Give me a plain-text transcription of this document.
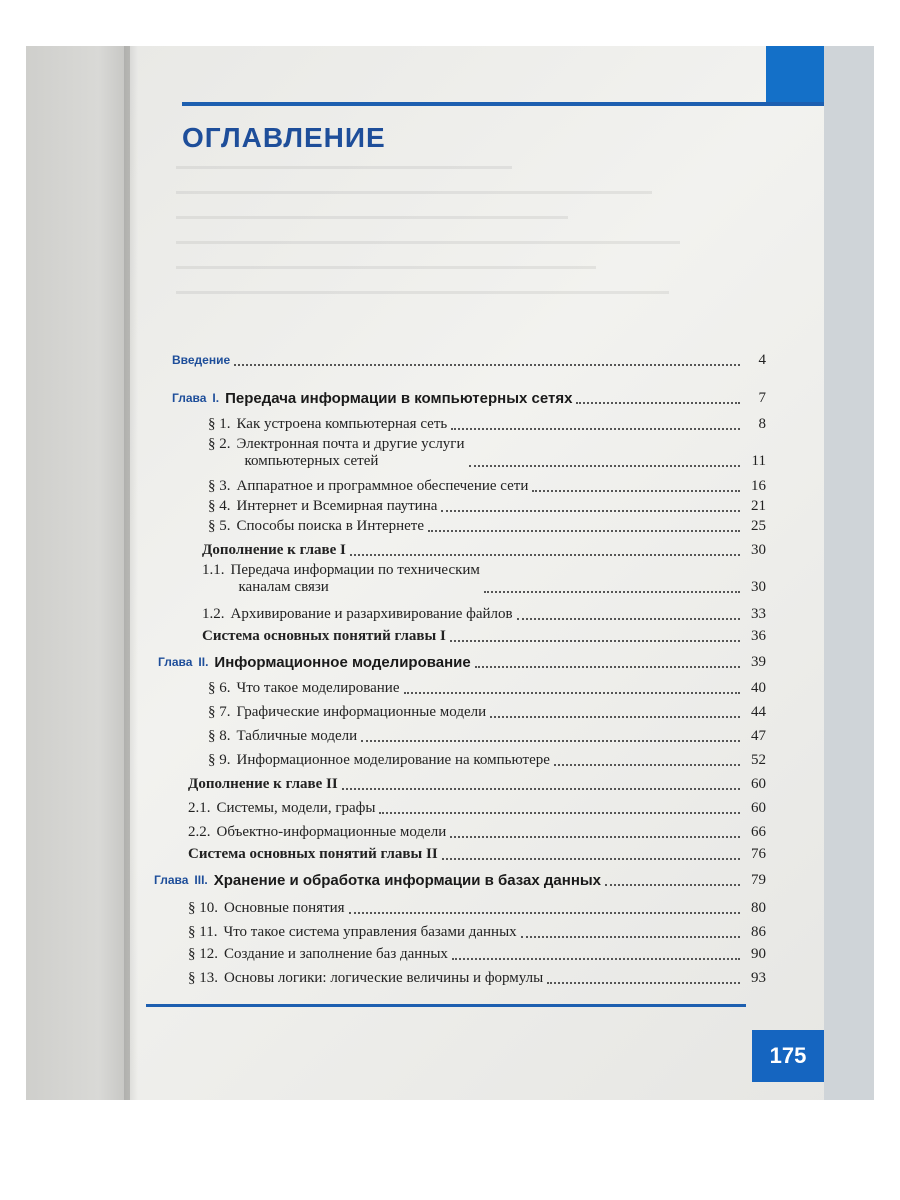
ОГЛАВЛЕНИЕ
Введение	4
Глава I. Передача информации в компьютерных сетях	7
§ 1. Как устроена компьютерная сеть	8
§ 2. Электронная почта и другие услуги
компьютерных сетей	11
§ 3. Аппаратное и программное обеспечение сети	16
§ 4. Интернет и Всемирная паутина	21
§ 5. Способы поиска в Интернете	25
Дополнение к главе I	30
1.1. Передача информации по техническим
каналам связи	30
1.2. Архивирование и разархивирование файлов	33
Система основных понятий главы I	36
Глава II. Информационное моделирование	39
§ 6. Что такое моделирование	40
§ 7. Графические информационные модели	44
§ 8. Табличные модели	47
§ 9. Информационное моделирование на компьютере	52
Дополнение к главе II	60
2.1. Системы, модели, графы	60
2.2. Объектно-информационные модели	66
Система основных понятий главы II	76
Глава III. Хранение и обработка информации в базах данных	79
§ 10. Основные понятия	80
§ 11. Что такое система управления базами данных	86
§ 12. Создание и заполнение баз данных	90
§ 13. Основы логики: логические величины и формулы	93
175
